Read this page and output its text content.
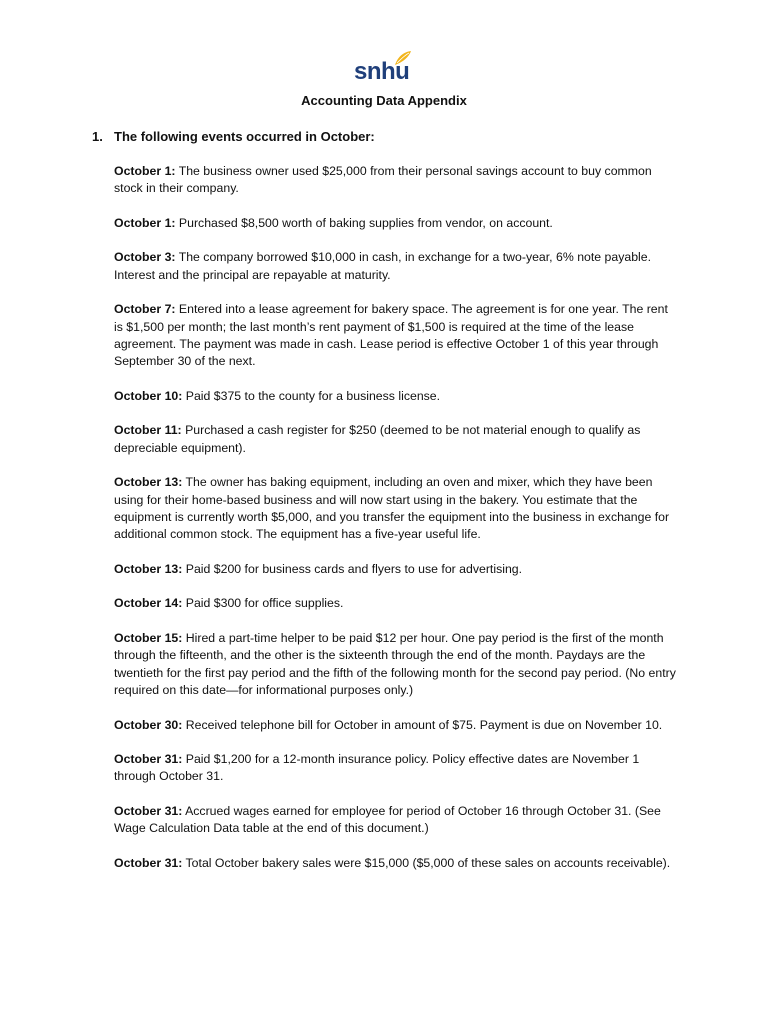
snhu
Accounting Data Appendix
1. The following events occurred in October:

October 1: The business owner used $25,000 from their personal savings account to buy common stock in their company.

October 1: Purchased $8,500 worth of baking supplies from vendor, on account.

October 3: The company borrowed $10,000 in cash, in exchange for a two-year, 6% note payable. Interest and the principal are repayable at maturity.

October 7: Entered into a lease agreement for bakery space. The agreement is for one year. The rent is $1,500 per month; the last month’s rent payment of $1,500 is required at the time of the lease agreement. The payment was made in cash. Lease period is effective October 1 of this year through September 30 of the next.

October 10: Paid $375 to the county for a business license.

October 11: Purchased a cash register for $250 (deemed to be not material enough to qualify as depreciable equipment).

October 13: The owner has baking equipment, including an oven and mixer, which they have been using for their home-based business and will now start using in the bakery. You estimate that the equipment is currently worth $5,000, and you transfer the equipment into the business in exchange for additional common stock. The equipment has a five-year useful life.

October 13: Paid $200 for business cards and flyers to use for advertising.

October 14: Paid $300 for office supplies.

October 15: Hired a part-time helper to be paid $12 per hour. One pay period is the first of the month through the fifteenth, and the other is the sixteenth through the end of the month. Paydays are the twentieth for the first pay period and the fifth of the following month for the second pay period. (No entry required on this date—for informational purposes only.)

October 30: Received telephone bill for October in amount of $75. Payment is due on November 10.

October 31: Paid $1,200 for a 12-month insurance policy. Policy effective dates are November 1 through October 31.

October 31: Accrued wages earned for employee for period of October 16 through October 31. (See Wage Calculation Data table at the end of this document.)

October 31: Total October bakery sales were $15,000 ($5,000 of these sales on accounts receivable).
